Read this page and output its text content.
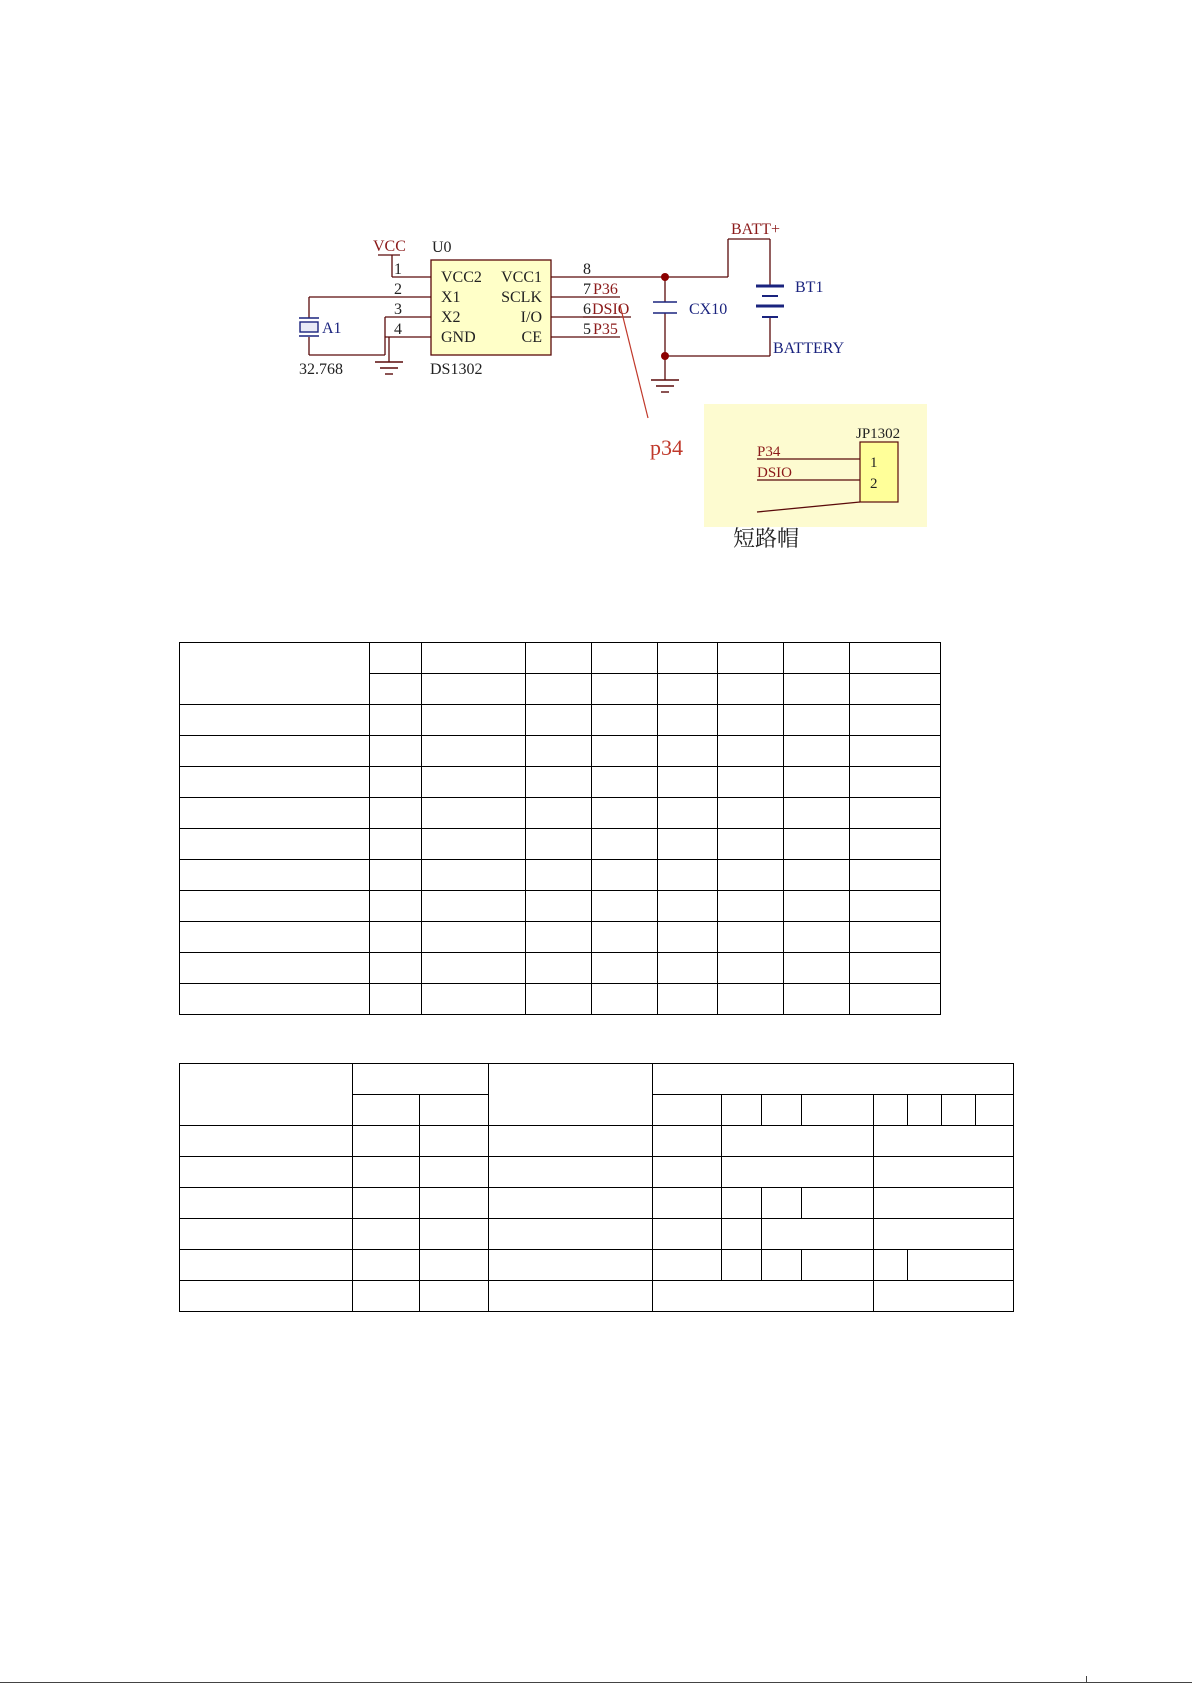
U0
DS1302
VCC2
X1
X2
GND
VCC1
SCLK
I/O
CE
1
2
3
4
8
7
6
5
VCC
P36
DSIO
P35
BATT+
A1
32.768
CX10
BT1
BATTERY
p34
JP1302
P34
DSIO
1
2
短路帽
